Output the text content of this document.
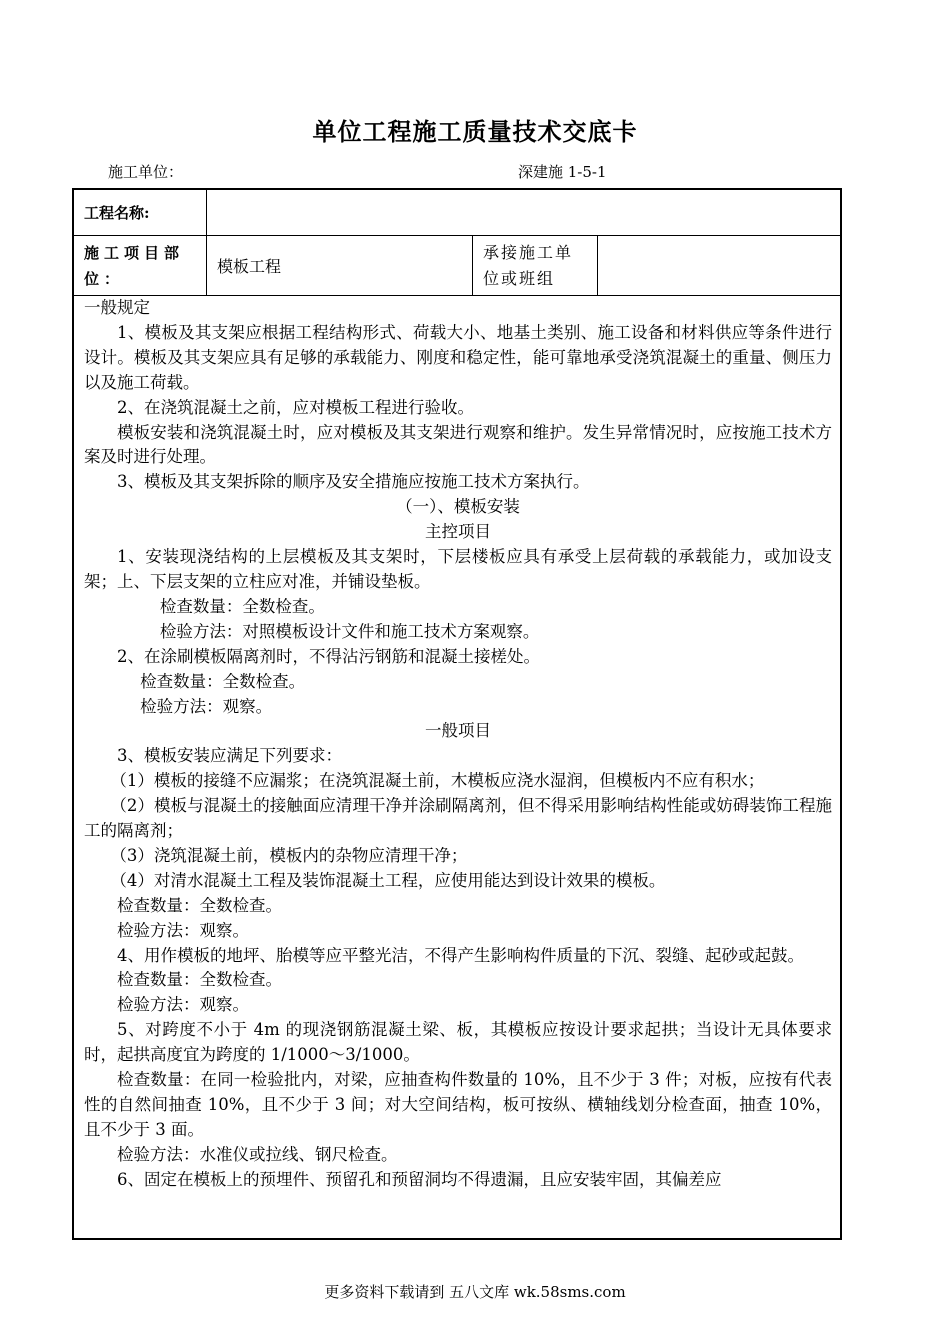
单位工程施工质量技术交底卡
施工单位：	深建施 1-5-1
工程名称:
施工项目部位：
模板工程
承接施工单位或班组

一般规定

1、模板及其支架应根据工程结构形式、荷载大小、地基土类别、施工设备和材料供应等条件进行设计。模板及其支架应具有足够的承载能力、刚度和稳定性，能可靠地承受浇筑混凝土的重量、侧压力以及施工荷载。

2、在浇筑混凝土之前，应对模板工程进行验收。

模板安装和浇筑混凝土时，应对模板及其支架进行观察和维护。发生异常情况时，应按施工技术方案及时进行处理。

3、模板及其支架拆除的顺序及安全措施应按施工技术方案执行。

（一）、模板安装

主控项目

1、安装现浇结构的上层模板及其支架时，下层楼板应具有承受上层荷载的承载能力，或加设支架；上、下层支架的立柱应对准，并铺设垫板。

检查数量：全数检查。

检验方法：对照模板设计文件和施工技术方案观察。

2、在涂刷模板隔离剂时，不得沾污钢筋和混凝土接槎处。

检查数量：全数检查。

检验方法：观察。

一般项目

3、模板安装应满足下列要求：

（1）模板的接缝不应漏浆；在浇筑混凝土前，木模板应浇水湿润，但模板内不应有积水；

（2）模板与混凝土的接触面应清理干净并涂刷隔离剂，但不得采用影响结构性能或妨碍装饰工程施工的隔离剂；

（3）浇筑混凝土前，模板内的杂物应清理干净；

（4）对清水混凝土工程及装饰混凝土工程，应使用能达到设计效果的模板。

检查数量：全数检查。

检验方法：观察。

4、用作模板的地坪、胎模等应平整光洁，不得产生影响构件质量的下沉、裂缝、起砂或起鼓。

检查数量：全数检查。

检验方法：观察。

5、对跨度不小于 4m 的现浇钢筋混凝土梁、板，其模板应按设计要求起拱；当设计无具体要求时，起拱高度宜为跨度的 1/1000～3/1000。

检查数量：在同一检验批内，对梁，应抽查构件数量的 10%，且不少于 3 件；对板，应按有代表性的自然间抽查 10%，且不少于 3 间；对大空间结构，板可按纵、横轴线划分检查面，抽查 10%，且不少于 3 面。

检验方法：水准仪或拉线、钢尺检查。

6、固定在模板上的预埋件、预留孔和预留洞均不得遗漏，且应安装牢固，其偏差应

更多资料下载请到 五八文库 wk.58sms.com
